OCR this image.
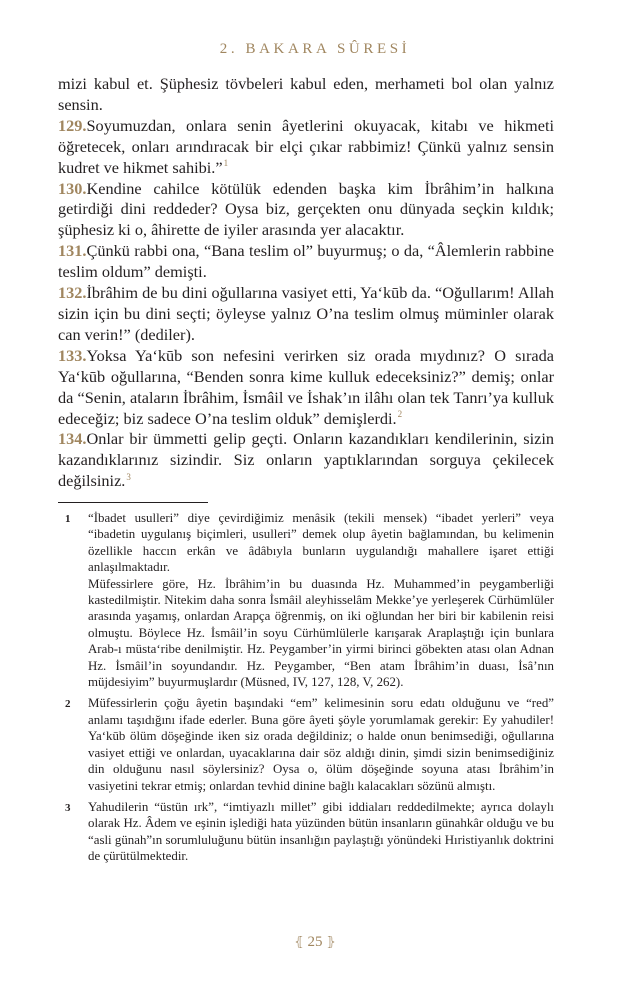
2. BAKARA SÛRESİ

mizi kabul et. Şüphesiz tövbeleri kabul eden, merhameti bol olan yalnız sensin.

129.Soyumuzdan, onlara senin âyetlerini okuyacak, kitabı ve hikmeti öğretecek, onları arındıracak bir elçi çıkar rabbimiz! Çünkü yalnız sensin kudret ve hikmet sahibi.”$^1$

130.Kendine cahilce kötülük edenden başka kim İbrâhim’in halkına getirdiği dini reddeder? Oysa biz, gerçekten onu dünyada seçkin kıldık; şüphesiz ki o, âhirette de iyiler arasında yer alacaktır.

131.Çünkü rabbi ona, “Bana teslim ol” buyurmuş; o da, “Âlemlerin rabbine teslim oldum” demişti.

132.İbrâhim de bu dini oğullarına vasiyet etti, Ya‘kūb da. “Oğullarım! Allah sizin için bu dini seçti; öyleyse yalnız O’na teslim olmuş müminler olarak can verin!” (dediler).

133.Yoksa Ya‘kūb son nefesini verirken siz orada mıydınız? O sırada Ya‘kūb oğullarına, “Benden sonra kime kulluk edeceksiniz?” demiş; onlar da “Senin, ataların İbrâhim, İsmâil ve İshak’ın ilâhı olan tek Tanrı’ya kulluk edeceğiz; biz sadece O’na teslim olduk” demişlerdi.$^2$

134.Onlar bir ümmetti gelip geçti. Onların kazandıkları kendilerinin, sizin kazandıklarınız sizindir. Siz onların yaptıklarından sorguya çekilecek değilsiniz.$^3$

1 “İbadet usulleri” diye çevirdiğimiz menâsik (tekili mensek) “ibadet yerleri” veya “ibadetin uygulanış biçimleri, usulleri” demek olup âyetin bağlamından, bu kelimenin özellikle haccın erkân ve âdâbıyla bunların uygulandığı mahallere işaret ettiği anlaşılmaktadır.

Müfessirlere göre, Hz. İbrâhim’in bu duasında Hz. Muhammed’in peygamberliği kastedilmiştir. Nitekim daha sonra İsmâil aleyhisselâm Mekke’ye yerleşerek Cürhümlüler arasında yaşamış, onlardan Arapça öğrenmiş, on iki oğlundan her biri bir kabilenin reisi olmuştu. Böylece Hz. İsmâil’in soyu Cürhümlülerle karışarak Araplaştığı için bunlara Arab-ı müsta‘ribe denilmiştir. Hz. Peygamber’in yirmi birinci göbekten atası olan Adnan Hz. İsmâil’in soyundandır. Hz. Peygamber, “Ben atam İbrâhim’in duası, İsâ’nın müjdesiyim” buyurmuşlardır (Müsned, IV, 127, 128, V, 262).

2 Müfessirlerin çoğu âyetin başındaki “em” kelimesinin soru edatı olduğunu ve “red” anlamı taşıdığını ifade ederler. Buna göre âyeti şöyle yorumlamak gerekir: Ey yahudiler! Ya‘kūb ölüm döşeğinde iken siz orada değildiniz; o halde onun benimsediği, oğullarına vasiyet ettiği ve onlardan, uyacaklarına dair söz aldığı dinin, şimdi sizin benimsediğiniz din olduğunu nasıl söylersiniz? Oysa o, ölüm döşeğinde soyuna atası İbrâhim’in vasiyetini tekrar etmiş; onlardan tevhid dinine bağlı kalacakları sözünü almıştı.

3 Yahudilerin “üstün ırk”, “imtiyazlı millet” gibi iddiaları reddedilmekte; ayrıca dolaylı olarak Hz. Âdem ve eşinin işlediği hata yüzünden bütün insanların günahkâr olduğu ve bu “asli günah”ın sorumluluğunu bütün insanlığın paylaştığı yönündeki Hıristiyanlık doktrini de çürütülmektedir.

⦃ 25 ⦄
